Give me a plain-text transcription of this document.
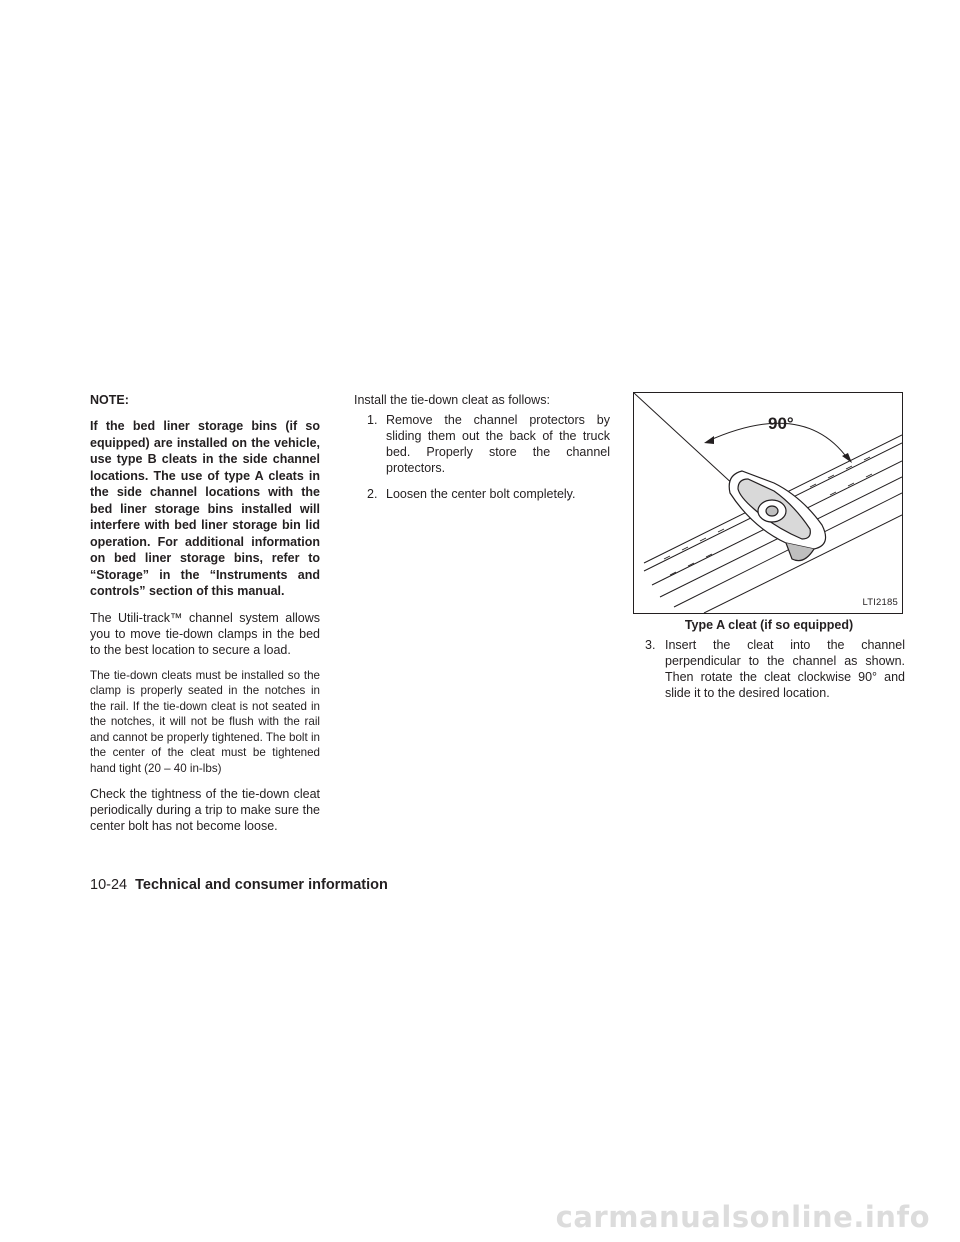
NOTE:

If the bed liner storage bins (if so equipped) are installed on the vehicle, use type B cleats in the side channel locations. The use of type A cleats in the side channel locations with the bed liner storage bins installed will interfere with bed liner storage bin lid operation. For additional information on bed liner storage bins, refer to “Storage” in the “Instruments and controls” section of this manual.

The Utili-track™ channel system allows you to move tie-down clamps in the bed to the best location to secure a load.

The tie-down cleats must be installed so the clamp is properly seated in the notches in the rail. If the tie-down cleat is not seated in the notches, it will not be flush with the rail and cannot be properly tightened. The bolt in the center of the cleat must be tightened hand tight (20 – 40 in-lbs)

Check the tightness of the tie-down cleat periodically during a trip to make sure the center bolt has not become loose.

Install the tie-down cleat as follows:

1. Remove the channel protectors by sliding them out the back of the truck bed. Properly store the channel protectors.
2. Loosen the center bolt completely.
90°
LTI2185
Type A cleat (if so equipped)

3. Insert the cleat into the channel perpendicular to the channel as shown. Then rotate the cleat clockwise 90° and slide it to the desired location.

10-24 Technical and consumer information
carmanualsonline.info
